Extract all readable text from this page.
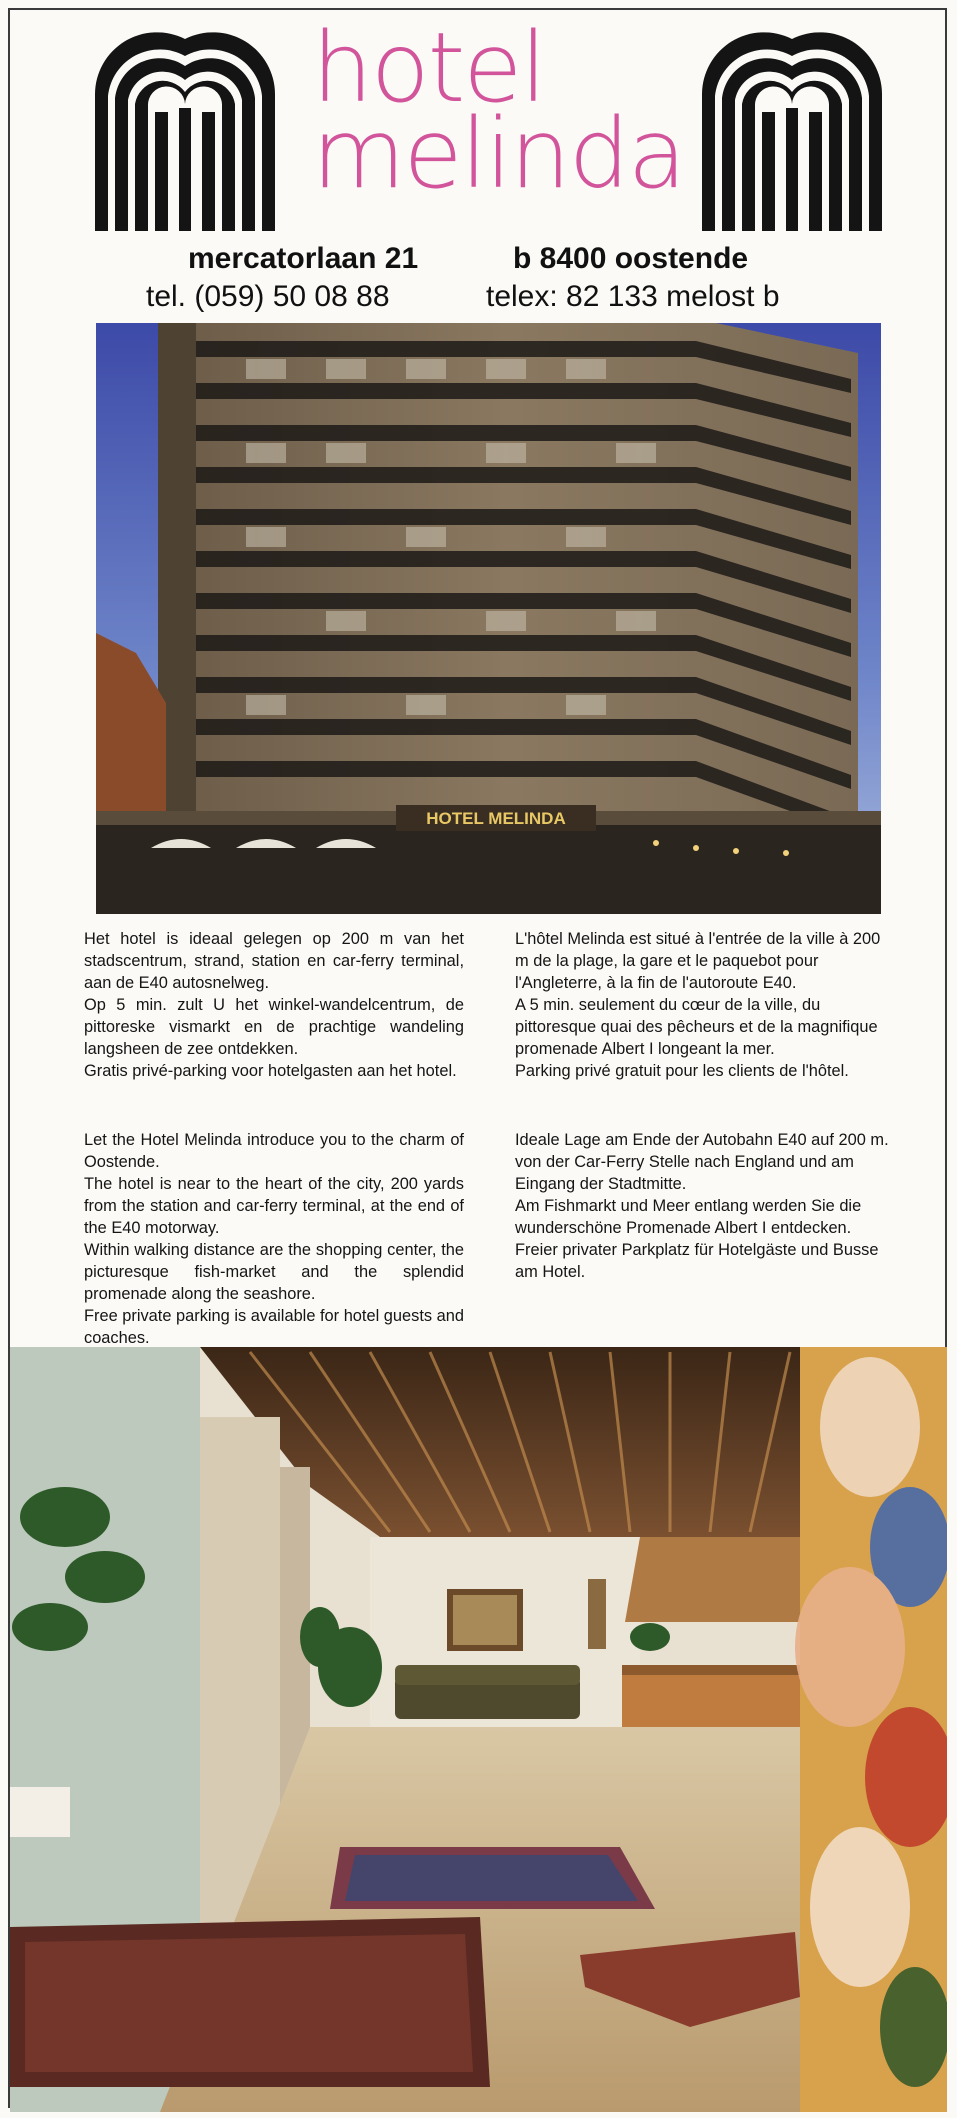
hotel
melinda
mercatorlaan 21	b 8400 oostende
tel. (059) 50 08 88	telex: 82 133 melost b
HOTEL MELINDA

Het hotel is ideaal gelegen op 200 m van het stadscentrum, strand, station en car-ferry terminal, aan de E40 autosnelweg.

Op 5 min. zult U het winkel-wandelcentrum, de pittoreske vismarkt en de prachtige wandeling langsheen de zee ontdekken.

Gratis privé-parking voor hotelgasten aan het hotel.

L'hôtel Melinda est situé à l'entrée de la ville à 200 m de la plage, la gare et le paquebot pour l'Angleterre, à la fin de l'autoroute E40.

A 5 min. seulement du cœur de la ville, du pittoresque quai des pêcheurs et de la magnifique promenade Albert I longeant la mer.

Parking privé gratuit pour les clients de l'hôtel.

Let the Hotel Melinda introduce you to the charm of Oostende.

The hotel is near to the heart of the city, 200 yards from the station and car-ferry terminal, at the end of the E40 motorway.

Within walking distance are the shopping center, the picturesque fish-market and the splendid promenade along the seashore.

Free private parking is available for hotel guests and coaches.

Ideale Lage am Ende der Autobahn E40 auf 200 m. von der Car-Ferry Stelle nach England und am Eingang der Stadtmitte.

Am Fishmarkt und Meer entlang werden Sie die wunderschöne Promenade Albert I entdecken.

Freier privater Parkplatz für Hotelgäste und Busse am Hotel.
